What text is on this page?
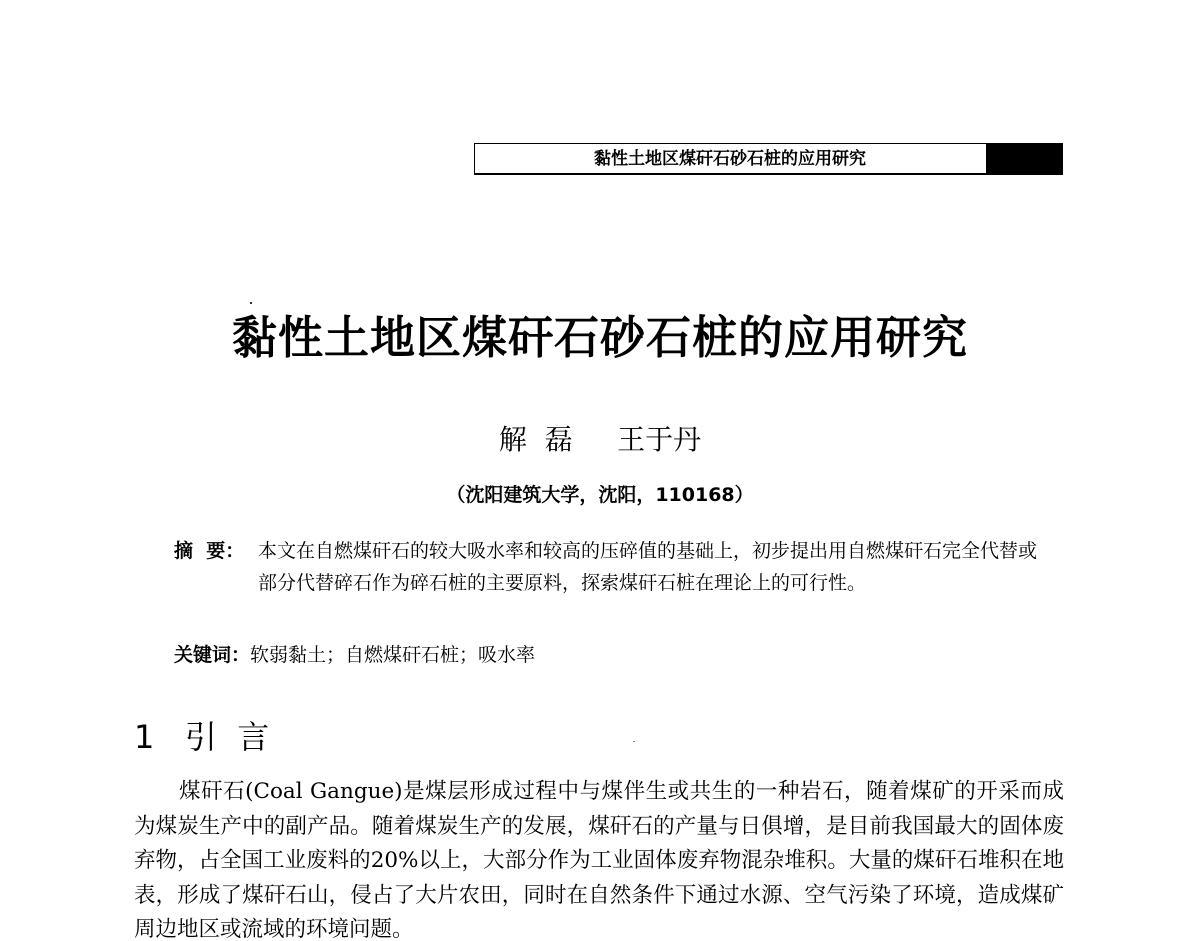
黏性土地区煤矸石砂石桩的应用研究
黏性土地区煤矸石砂石桩的应用研究
解  磊     王于丹
（沈阳建筑大学，沈阳，110168）
摘  要： 本文在自燃煤矸石的较大吸水率和较高的压碎值的基础上，初步提出用自燃煤矸石完全代替或部分代替碎石作为碎石桩的主要原料，探索煤矸石桩在理论上的可行性。
关键词：软弱黏土；自燃煤矸石桩；吸水率
1 引  言
煤矸石(Coal Gangue)是煤层形成过程中与煤伴生或共生的一种岩石，随着煤矿的开采而成为煤炭生产中的副产品。随着煤炭生产的发展，煤矸石的产量与日俱增，是目前我国最大的固体废弃物，占全国工业废料的20%以上，大部分作为工业固体废弃物混杂堆积。大量的煤矸石堆积在地表，形成了煤矸石山，侵占了大片农田，同时在自然条件下通过水源、空气污染了环境，造成煤矿周边地区或流域的环境问题。
